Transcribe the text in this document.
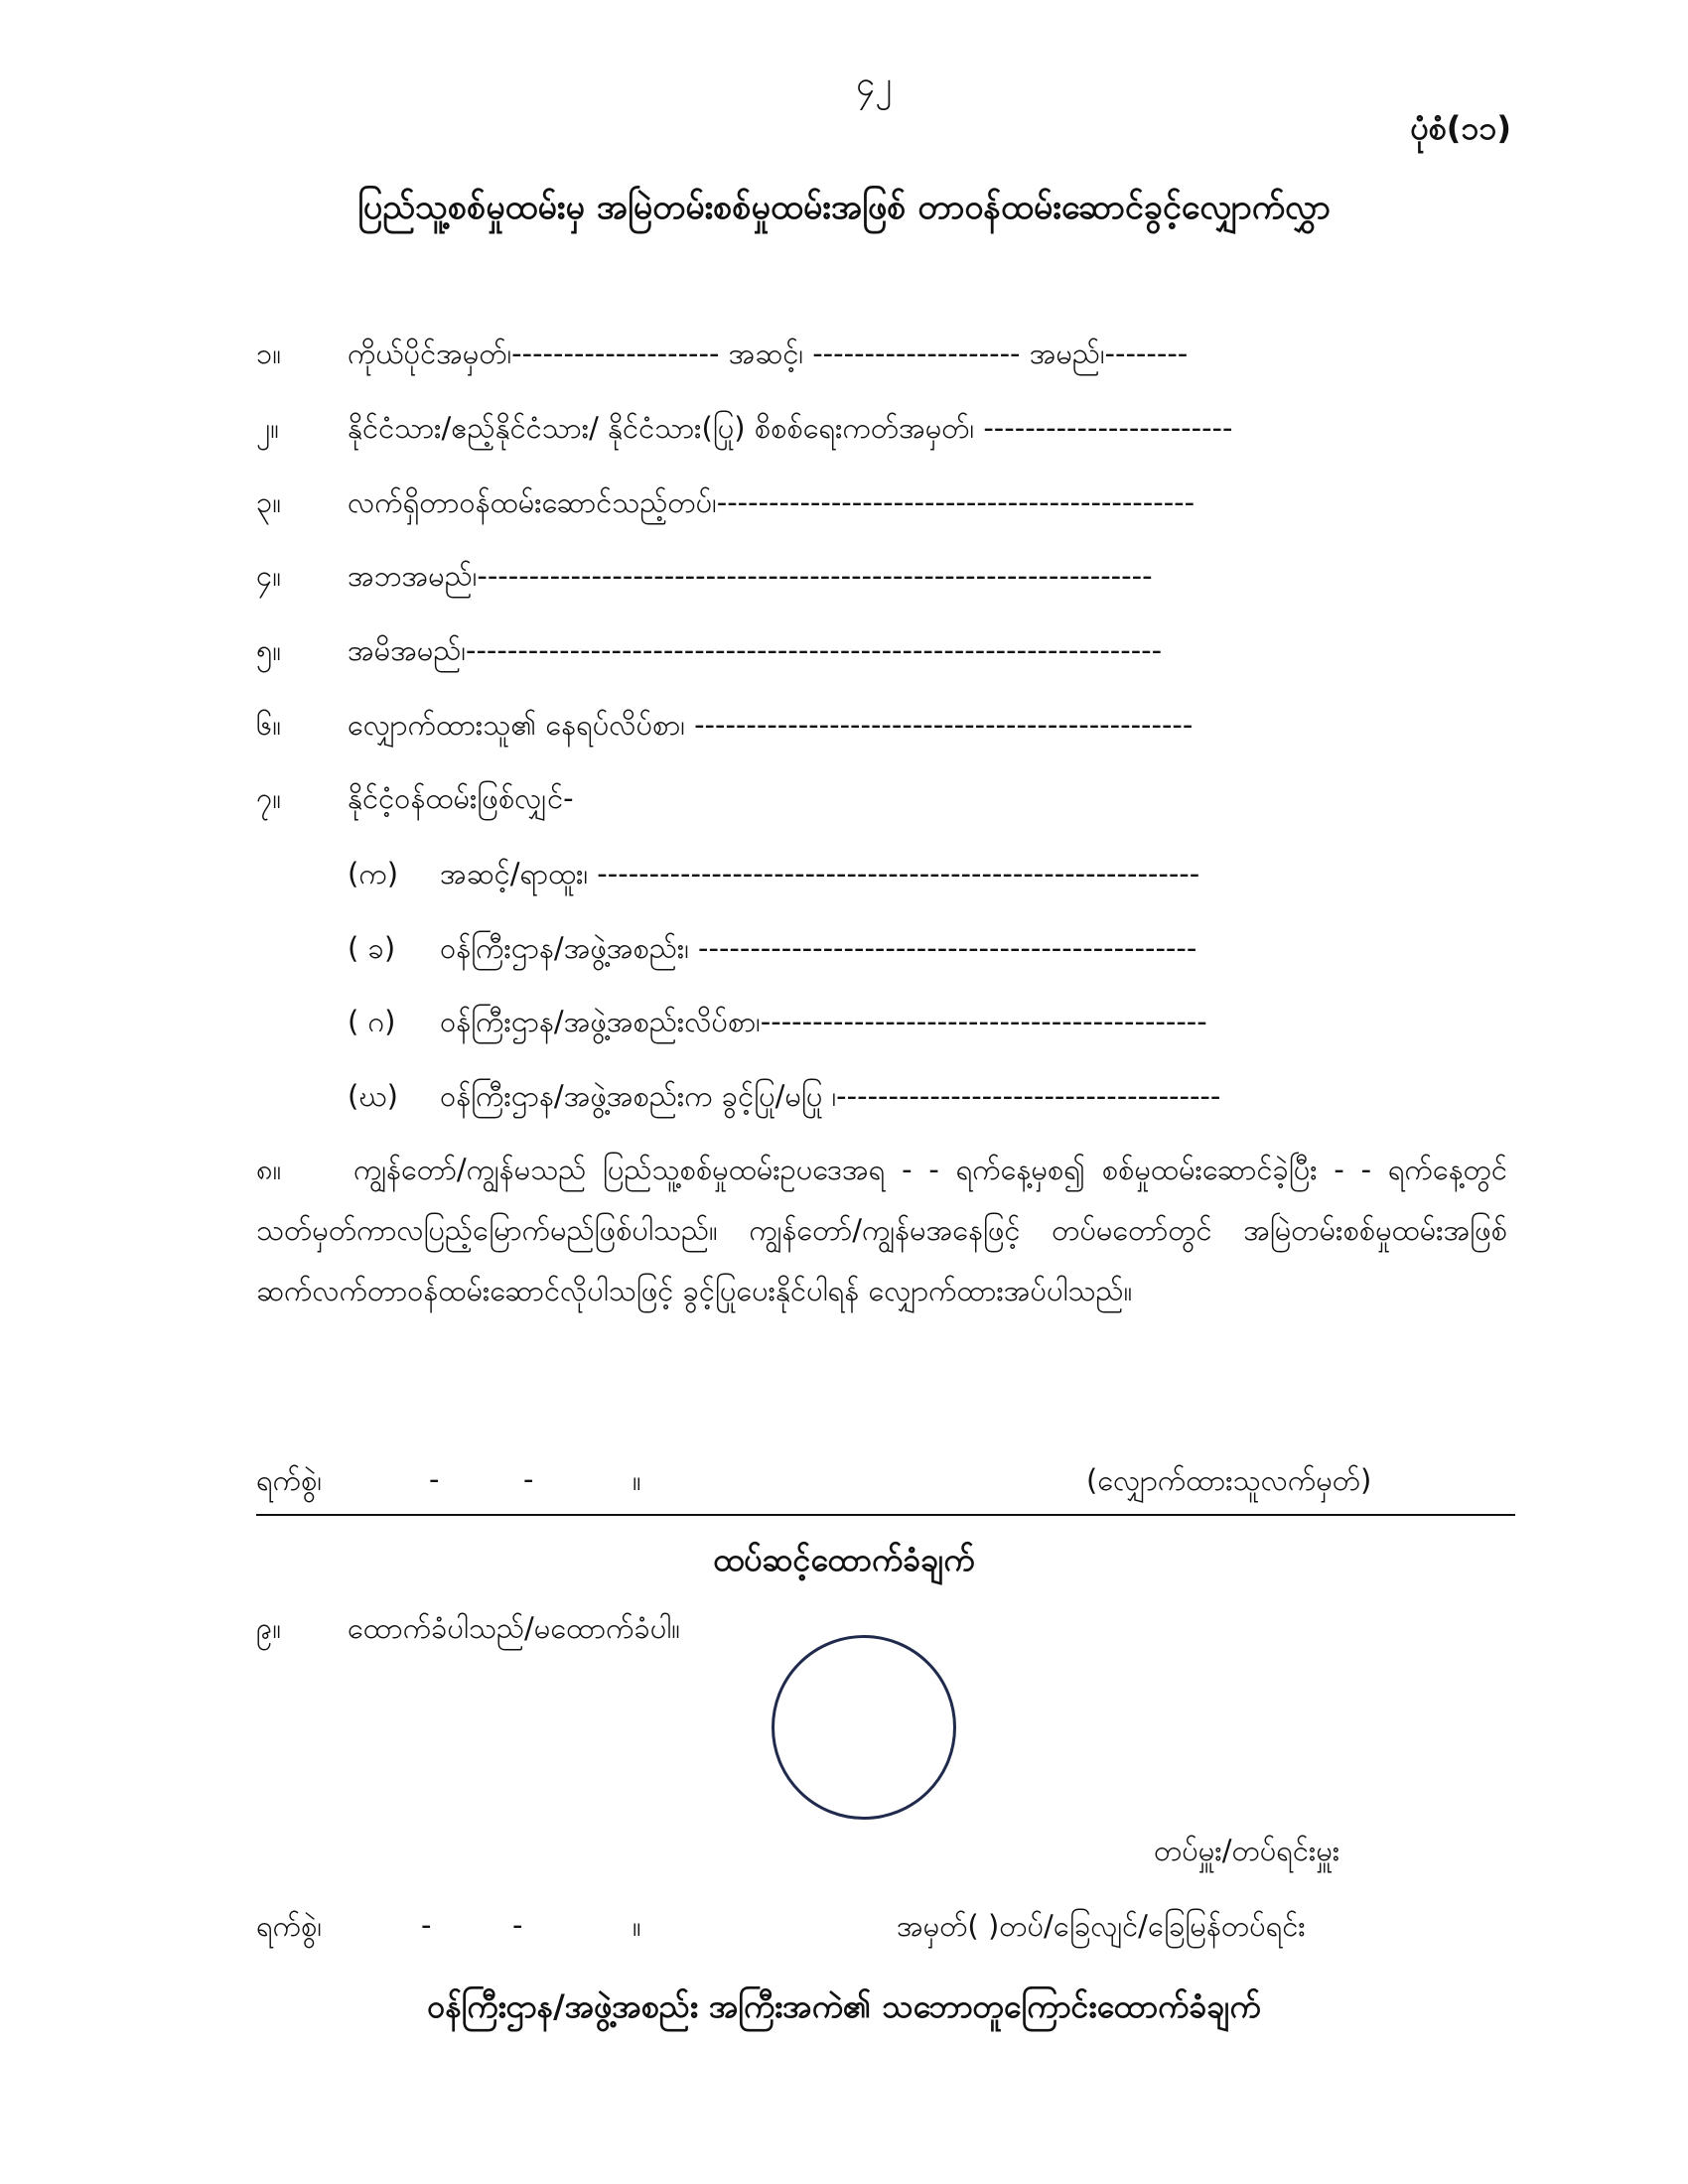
၄၂
ပုံစံ(၁၁)
ပြည်သူ့စစ်မှုထမ်းမှ အမြဲတမ်းစစ်မှုထမ်းအဖြစ် တာဝန်ထမ်းဆောင်ခွင့်လျှောက်လွှာ
၁။ ကိုယ်ပိုင်အမှတ်၊-------------------- အဆင့်၊ -------------------- အမည်၊--------
၂။ နိုင်ငံသား/ဧည့်နိုင်ငံသား/ နိုင်ငံသား(ပြု) စိစစ်ရေးကတ်အမှတ်၊ ------------------------
၃။ လက်ရှိတာဝန်ထမ်းဆောင်သည့်တပ်၊----------------------------------------------
၄။ အဘအမည်၊-----------------------------------------------------------------
၅။ အမိအမည်၊-------------------------------------------------------------------
၆။ လျှောက်ထားသူ၏ နေရပ်လိပ်စာ၊ ------------------------------------------------
၇။ နိုင်ငံ့ဝန်ထမ်းဖြစ်လျှင်-
(က) အဆင့်/ရာထူး၊ ----------------------------------------------------------
( ခ) ဝန်ကြီးဌာန/အဖွဲ့အစည်း၊ ------------------------------------------------
( ဂ) ဝန်ကြီးဌာန/အဖွဲ့အစည်းလိပ်စာ၊-------------------------------------------
(ဃ) ဝန်ကြီးဌာန/အဖွဲ့အစည်းက ခွင့်ပြု/မပြု ၊-------------------------------------
၈။	ကျွန်တော်/ကျွန်မသည် ပြည်သူ့စစ်မှုထမ်းဥပဒေအရ - - ရက်နေ့မှစ၍ စစ်မှုထမ်းဆောင်ခဲ့ပြီး - - ရက်နေ့တွင် သတ်မှတ်ကာလပြည့်မြောက်မည်ဖြစ်ပါသည်။ ကျွန်တော်/ကျွန်မအနေဖြင့် တပ်မတော်တွင် အမြဲတမ်းစစ်မှုထမ်းအဖြစ် ဆက်လက်တာဝန်ထမ်းဆောင်လိုပါသဖြင့် ခွင့်ပြုပေးနိုင်ပါရန် လျှောက်ထားအပ်ပါသည်။
ရက်စွဲ၊	-	-	။	(လျှောက်ထားသူလက်မှတ်)
ထပ်ဆင့်ထောက်ခံချက်
၉။ ထောက်ခံပါသည်/မထောက်ခံပါ။
တပ်မှူး/တပ်ရင်းမှူး
ရက်စွဲ၊	-	-	။	အမှတ်( )တပ်/ခြေလျင်/ခြေမြန်တပ်ရင်း
ဝန်ကြီးဌာန/အဖွဲ့အစည်း အကြီးအကဲ၏ သဘောတူကြောင်းထောက်ခံချက်
